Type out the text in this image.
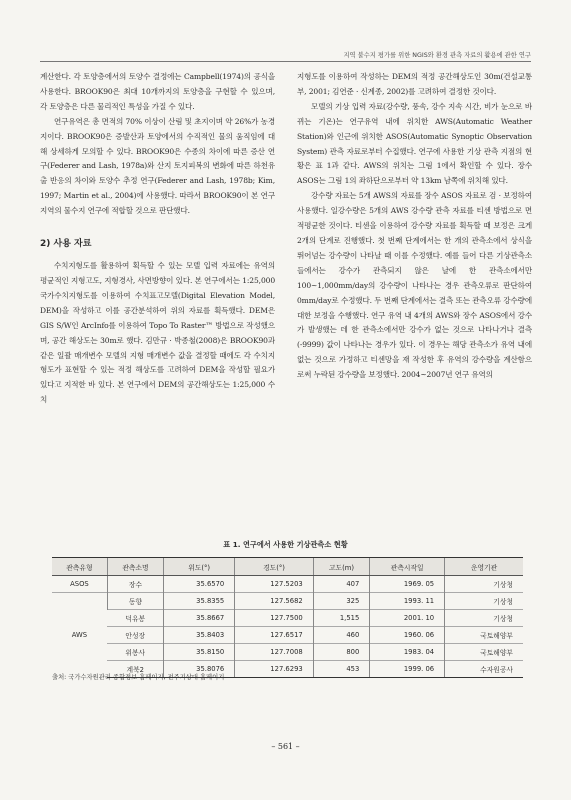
지역 불수지 평가를 위한 NGIS와 환경 관측 자료의 활용에 관한 연구

계산한다. 각 토양층에서의 토양수 결정에는 Campbell(1974)의 공식을 사용한다. BROOK90은 최대 10개까지의 토양층을 구현할 수 있으며, 각 토양층은 다른 물리적인 특성을 가질 수 있다.

연구유역은 총 면적의 70% 이상이 산림 및 초지이며 약 26%가 농경지이다. BROOK90은 증발산과 토양에서의 수직적인 물의 움직임에 대해 상세하게 모의할 수 있다. BROOK90은 수종의 차이에 따른 증산 연구(Federer and Lash, 1978a)와 산지 토지피복의 변화에 따른 하천유출 반응의 차이와 토양수 추정 연구(Federer and Lash, 1978b; Kim, 1997; Martin et al., 2004)에 사용했다. 따라서 BROOK90이 본 연구지역의 물수지 연구에 적합할 것으로 판단했다.

2) 사용 자료

수치지형도를 활용하여 획득할 수 있는 모델 입력 자료에는 유역의 평균적인 지형고도, 지형경사, 사면방향이 있다. 본 연구에서는 1:25,000 국가수치지형도를 이용하여 수치표고모델(Digital Elevation Model, DEM)을 작성하고 이를 공간분석하여 위의 자료를 획득했다. DEM은 GIS S/W인 ArcInfo를 이용하여 Topo To Raster™ 방법으로 작성했으며, 공간 해상도는 30m로 했다. 김만규 · 박종철(2008)은 BROOK90과 같은 일괄 매개변수 모델의 지형 매개변수 값을 결정할 때에도 각 수치지형도가 표현할 수 있는 적정 해상도를 고려하여 DEM을 작성할 필요가 있다고 지적한 바 있다. 본 연구에서 DEM의 공간해상도는 1:25,000 수치

지형도를 이용하여 작성하는 DEM의 적정 공간해상도인 30m(건설교통부, 2001; 김연준 · 신계종, 2002)를 고려하여 결정한 것이다.

모델의 기상 입력 자료(강수량, 풍속, 강수 지속 시간, 비가 눈으로 바뀌는 기온)는 연구유역 내에 위치한 AWS(Automatic Weather Station)와 인근에 위치한 ASOS(Automatic Synoptic Observation System) 관측 자료로부터 수집했다. 연구에 사용한 기상 관측 지점의 현황은 표 1과 같다. AWS의 위치는 그림 1에서 확인할 수 있다. 장수 ASOS는 그림 1의 좌하단으로부터 약 13km 남쪽에 위치해 있다.

강수량 자료는 5개 AWS의 자료를 장수 ASOS 자료로 검 · 보정하여 사용했다. 일강수량은 5개의 AWS 강수량 관측 자료를 티센 방법으로 면적평균한 것이다. 티센을 이용하여 강수량 자료를 획득할 때 보정은 크게 2개의 단계로 진행했다. 첫 번째 단계에서는 한 개의 관측소에서 상식을 뛰어넘는 강수량이 나타날 때 이를 수정했다. 예를 들어 다른 기상관측소들에서는 강수가 관측되지 않은 날에 한 관측소에서만 100~1,000mm/day의 강수량이 나타나는 경우 관측오류로 판단하여 0mm/day로 수정했다. 두 번째 단계에서는 결측 또는 관측오류 강수량에 대한 보정을 수행했다. 연구 유역 내 4개의 AWS와 장수 ASOS에서 강수가 발생했는 데 한 관측소에서만 강수가 없는 것으로 나타나거나 결측(-9999) 값이 나타나는 경우가 있다. 이 경우는 해당 관측소가 유역 내에 없는 것으로 가정하고 티센망을 재 작성한 후 유역의 강수량을 계산함으로써 누락된 강수량을 보정했다. 2004~2007년 연구 유역의

표 1. 연구에서 사용한 기상관측소 현황
관측유형	관측소명	위도(°)	경도(°)	고도(m)	관측시작일	운영기관
ASOS	장수	35.6570	127.5203	407	1969. 05	기상청
AWS	동향	35.8355	127.5682	325	1993. 11	기상청
	덕유봉	35.8667	127.7500	1,515	2001. 10	기상청
	안성장	35.8403	127.6517	460	1960. 06	국토해양부
	위봉사	35.8150	127.7008	800	1983. 04	국토해양부
	계북2	35.8076	127.6293	453	1999. 06	수자원공사
출처: 국가수자원관리 종합정보 홈페이지, 전주기상대 홈페이지
– 561 –
